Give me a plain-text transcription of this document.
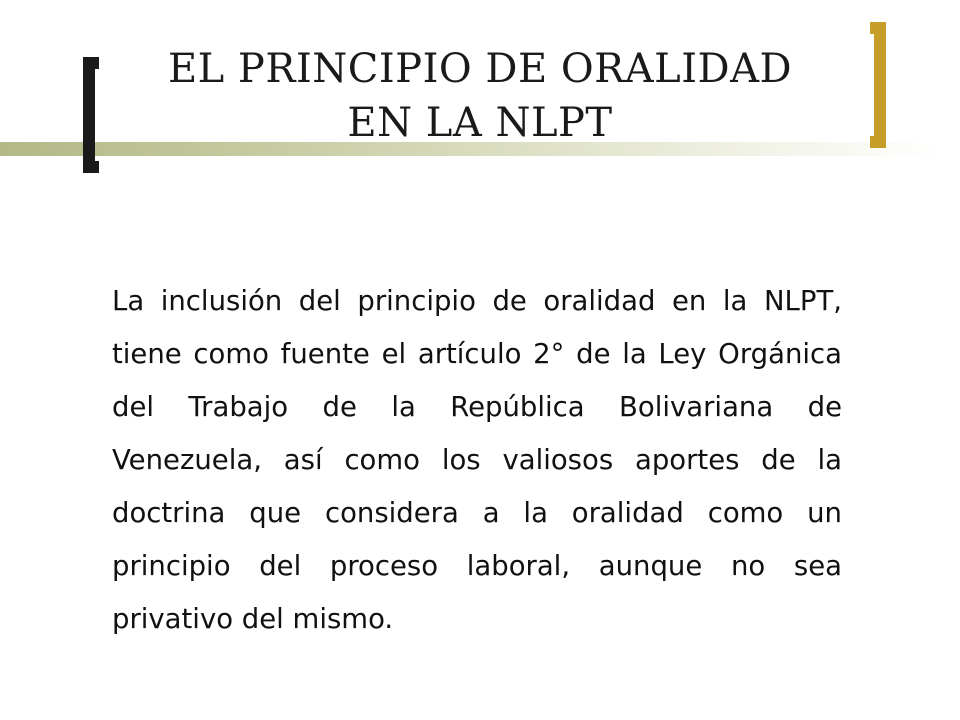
EL PRINCIPIO DE ORALIDAD
EN LA NLPT

La inclusión del principio de oralidad en la NLPT, tiene como fuente el artículo 2° de la Ley Orgánica del Trabajo de la República Bolivariana de Venezuela, así como los valiosos aportes de la doctrina que considera a la oralidad como un principio del proceso laboral, aunque no sea privativo del mismo.
